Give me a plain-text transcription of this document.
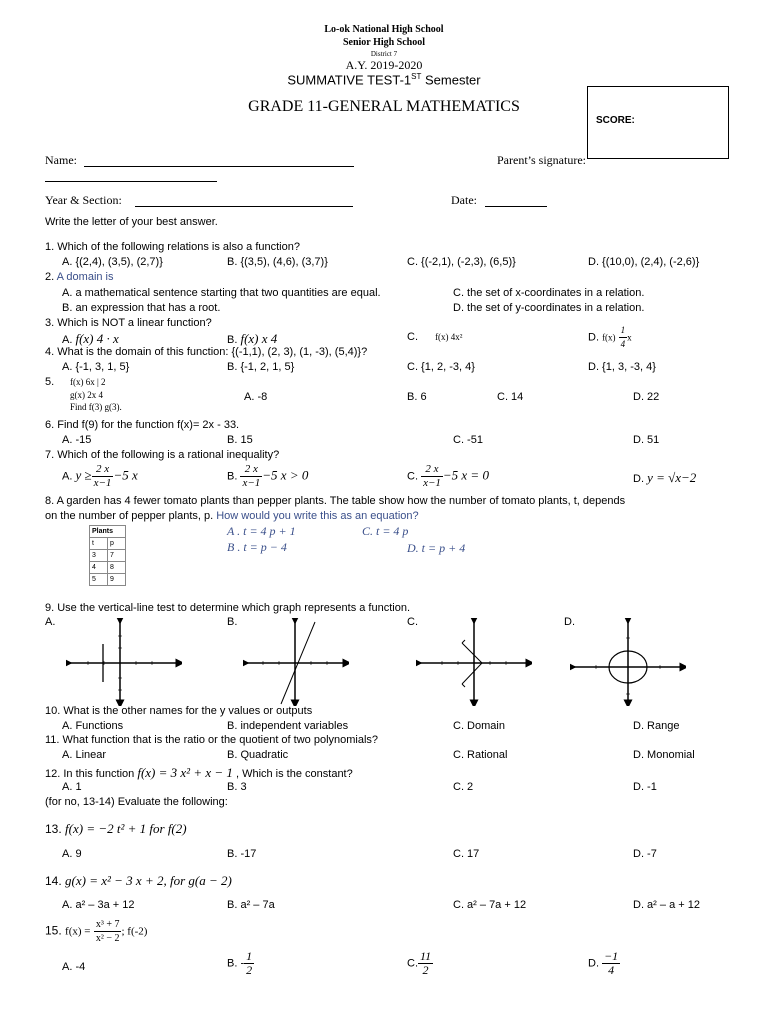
Lo-ok National High School
Senior High School
District 7
A.Y. 2019-2020
SUMMATIVE TEST-1ST Semester
GRADE 11-GENERAL MATHEMATICS
SCORE:
Name:	Parent’s signature:
Year & Section:	Date:
Write the letter of your best answer.
1. Which of the following relations is also a function?
A. {(2,4), (3,5), (2,7)}	B. {(3,5), (4,6), (3,7)}	C. {(-2,1), (-2,3), (6,5)}	D. {(10,0), (2,4), (-2,6)}
2. A domain is
A. a mathematical sentence starting that two quantities are equal.	C. the set of x-coordinates in a relation.
B. an expression that has a root.	D. the set of y-coordinates in a relation.
3. Which is NOT a linear function?
A. f(x) 4 · x	B. f(x) x 4	C. f(x) 4x²	D. $f(x) \frac{1}{4}$ x
4. What is the domain of this function: {(-1,1), (2, 3), (1, -3), (5,4)}?
A. {-1, 3, 1, 5}	B. {-1, 2, 1, 5}	C. {1, 2, -3, 4}	D. {1, 3, -3, 4}
5. f(x) 6x | 2
g(x) 2x 4
Find f(3) g(3).
A. -8	B. 6	C. 14	D. 22
6. Find f(9) for the function f(x)= 2x - 33.
A. -15	B. 15	C. -51	D. 51
7. Which of the following is a rational inequality?
A. $y \ge \frac{2 x}{x-1} -5$ x	B. $\frac{2 x}{x-1} -5$ x > 0	C. $\frac{2 x}{x-1} -5$ x = 0	D. y = √x−2
8. A garden has 4 fewer tomato plants than pepper plants. The table show how the number of tomato plants, t, depends
on the number of pepper plants, p. How would you write this as an equation?
Plants	
t	p
3	7
4	8
5	9
A . t = 4 p + 1	C. t = 4 p
B . t = p − 4	D. t = p + 4
9. Use the vertical-line test to determine which graph represents a function.
A.	B.	C.	D.
10. What is the other names for the y values or outputs
A. Functions	B. independent variables	C. Domain	D. Range
11. What function that is the ratio or the quotient of two polynomials?
A. Linear	B. Quadratic	C. Rational	D. Monomial
12. In this function f(x) = 3 x² + x − 1 , Which is the constant?
A. 1	B. 3	C. 2	D. -1
(for no, 13-14) Evaluate the following:
13. f(x) = −2 t² + 1 for f(2)
A. 9	B. -17	C. 17	D. -7
14. g(x) = x² − 3 x + 2, for g(a − 2)
A. a² – 3a + 12	B. a² – 7a	C. a² – 7a + 12	D. a² – a + 12
15. $f(x) = \frac{\text{x³ + 7}}{\text{x² − 2}}$ ; f(-2)
A. -4	B. - $\frac{1}{2}$	C. $\frac{11}{2}$	D. $\frac{-1}{4}$
